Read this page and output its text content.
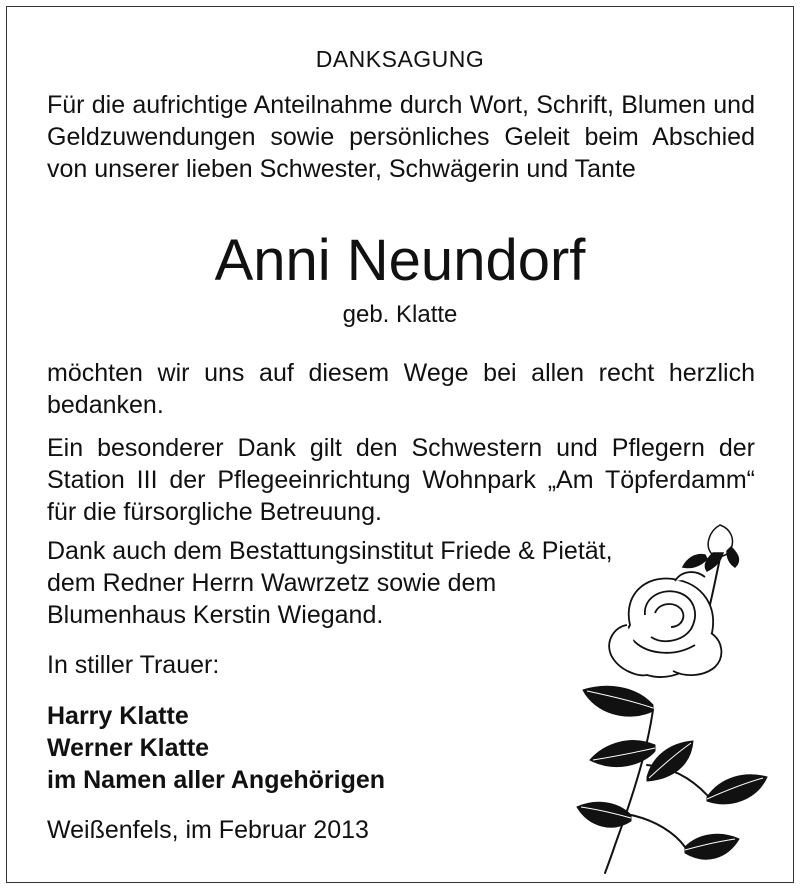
DANKSAGUNG
Für die aufrichtige Anteilnahme durch Wort, Schrift, Blumen und Geldzuwendungen sowie persönliches Geleit beim Abschied von unserer lieben Schwester, Schwägerin und Tante
Anni Neundorf
geb. Klatte
möchten wir uns auf diesem Wege bei allen recht herzlich bedanken.
Ein besonderer Dank gilt den Schwestern und Pflegern der Station III der Pflegeeinrichtung Wohnpark „Am Töpferdamm“ für die fürsorgliche Betreuung.
Dank auch dem Bestattungsinstitut Friede & Pietät,
dem Redner Herrn Wawrzetz sowie dem
Blumenhaus Kerstin Wiegand.
In stiller Trauer:
Harry Klatte
Werner Klatte
im Namen aller Angehörigen
Weißenfels, im Februar 2013
